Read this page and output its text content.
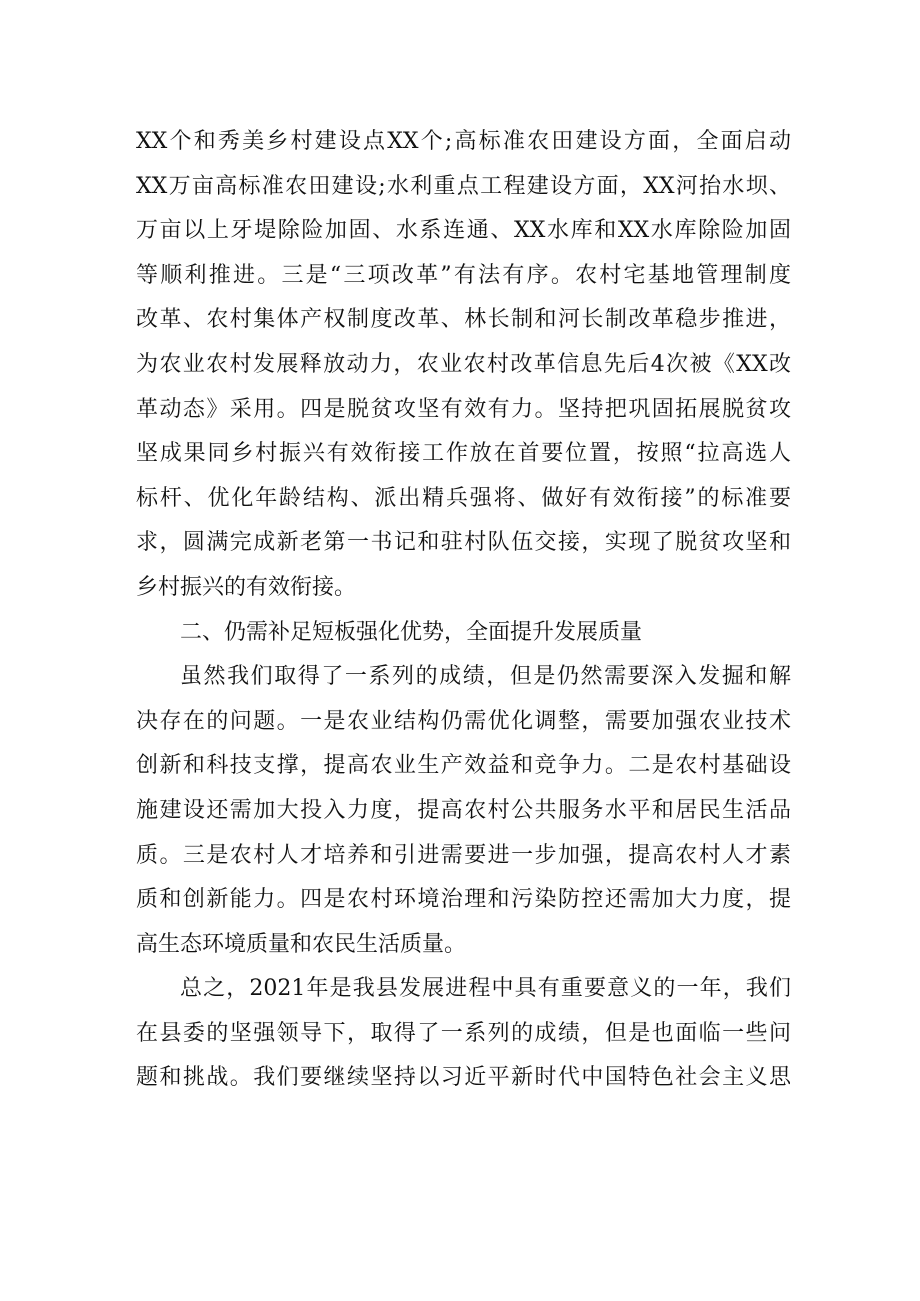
XX个和秀美乡村建设点XX个;高标准农田建设方面，全面启动
XX万亩高标准农田建设;水利重点工程建设方面，XX河抬水坝、
万亩以上牙堤除险加固、水系连通、XX水库和XX水库除险加固
等顺利推进。三是“三项改革”有法有序。农村宅基地管理制度
改革、农村集体产权制度改革、林长制和河长制改革稳步推进，
为农业农村发展释放动力，农业农村改革信息先后4次被《XX改
革动态》采用。四是脱贫攻坚有效有力。坚持把巩固拓展脱贫攻
坚成果同乡村振兴有效衔接工作放在首要位置，按照“拉高选人
标杆、优化年龄结构、派出精兵强将、做好有效衔接”的标准要
求，圆满完成新老第一书记和驻村队伍交接，实现了脱贫攻坚和
乡村振兴的有效衔接。
二、仍需补足短板强化优势，全面提升发展质量
虽然我们取得了一系列的成绩，但是仍然需要深入发掘和解
决存在的问题。一是农业结构仍需优化调整，需要加强农业技术
创新和科技支撑，提高农业生产效益和竞争力。二是农村基础设
施建设还需加大投入力度，提高农村公共服务水平和居民生活品
质。三是农村人才培养和引进需要进一步加强，提高农村人才素
质和创新能力。四是农村环境治理和污染防控还需加大力度，提
高生态环境质量和农民生活质量。
总之，2021年是我县发展进程中具有重要意义的一年，我们
在县委的坚强领导下，取得了一系列的成绩，但是也面临一些问
题和挑战。我们要继续坚持以习近平新时代中国特色社会主义思
